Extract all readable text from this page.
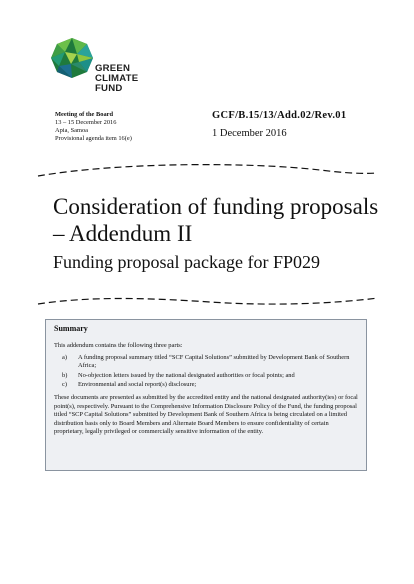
GREEN
CLIMATE
FUND
Meeting of the Board
13 – 15 December 2016
Apia, Samoa
Provisional agenda item 16(e)
GCF/B.15/13/Add.02/Rev.01
1 December 2016
Consideration of funding proposals – Addendum II
Funding proposal package for FP029
Summary

This addendum contains the following three parts:

a)	A funding proposal summary titled “SCF Capital Solutions” submitted by Development Bank of Southern Africa;
b)	No-objection letters issued by the national designated authorities or focal points; and
c)	Environmental and social report(s) disclosure;

These documents are presented as submitted by the accredited entity and the national designated authority(ies) or focal point(s), respectively. Pursuant to the Comprehensive Information Disclosure Policy of the Fund, the funding proposal titled “SCP Capital Solutions” submitted by Development Bank of Southern Africa is being circulated on a limited distribution basis only to Board Members and Alternate Board Members to ensure confidentiality of certain proprietary, legally privileged or commercially sensitive information of the entity.
